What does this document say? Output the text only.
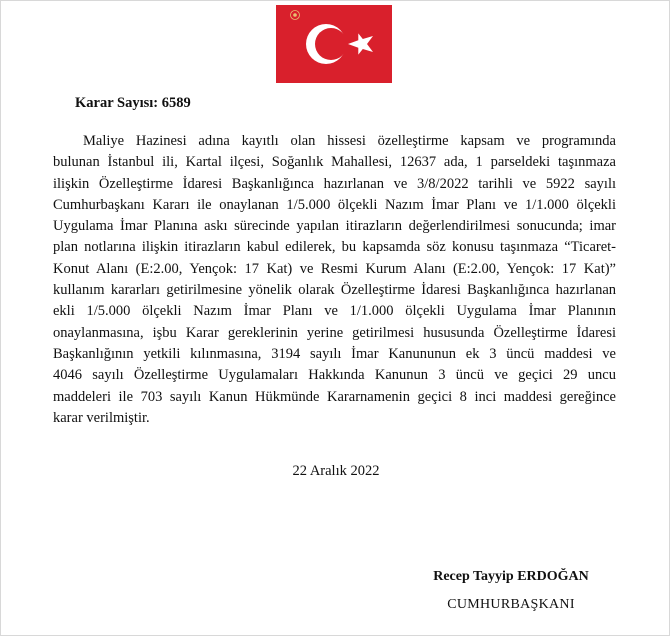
Karar Sayısı: 6589
Maliye Hazinesi adına kayıtlı olan hissesi özelleştirme kapsam ve programında
bulunan İstanbul ili, Kartal ilçesi, Soğanlık Mahallesi, 12637 ada, 1 parseldeki taşınmaza
ilişkin Özelleştirme İdaresi Başkanlığınca hazırlanan ve 3/8/2022 tarihli ve 5922 sayılı
Cumhurbaşkanı Kararı ile onaylanan 1/5.000 ölçekli Nazım İmar Planı ve 1/1.000 ölçekli
Uygulama İmar Planına askı sürecinde yapılan itirazların değerlendirilmesi sonucunda; imar
plan notlarına ilişkin itirazların kabul edilerek, bu kapsamda söz konusu taşınmaza “Ticaret-
Konut Alanı (E:2.00, Yençok: 17 Kat) ve Resmi Kurum Alanı (E:2.00, Yençok: 17 Kat)”
kullanım kararları getirilmesine yönelik olarak Özelleştirme İdaresi Başkanlığınca hazırlanan
ekli 1/5.000 ölçekli Nazım İmar Planı ve 1/1.000 ölçekli Uygulama İmar Planının
onaylanmasına, işbu Karar gereklerinin yerine getirilmesi hususunda Özelleştirme İdaresi
Başkanlığının yetkili kılınmasına, 3194 sayılı İmar Kanununun ek 3 üncü maddesi ve
4046 sayılı Özelleştirme Uygulamaları Hakkında Kanunun 3 üncü ve geçici 29 uncu
maddeleri ile 703 sayılı Kanun Hükmünde Kararnamenin geçici 8 inci maddesi gereğince
karar verilmiştir.
22 Aralık 2022
Recep Tayyip ERDOĞAN
CUMHURBAŞKANI
